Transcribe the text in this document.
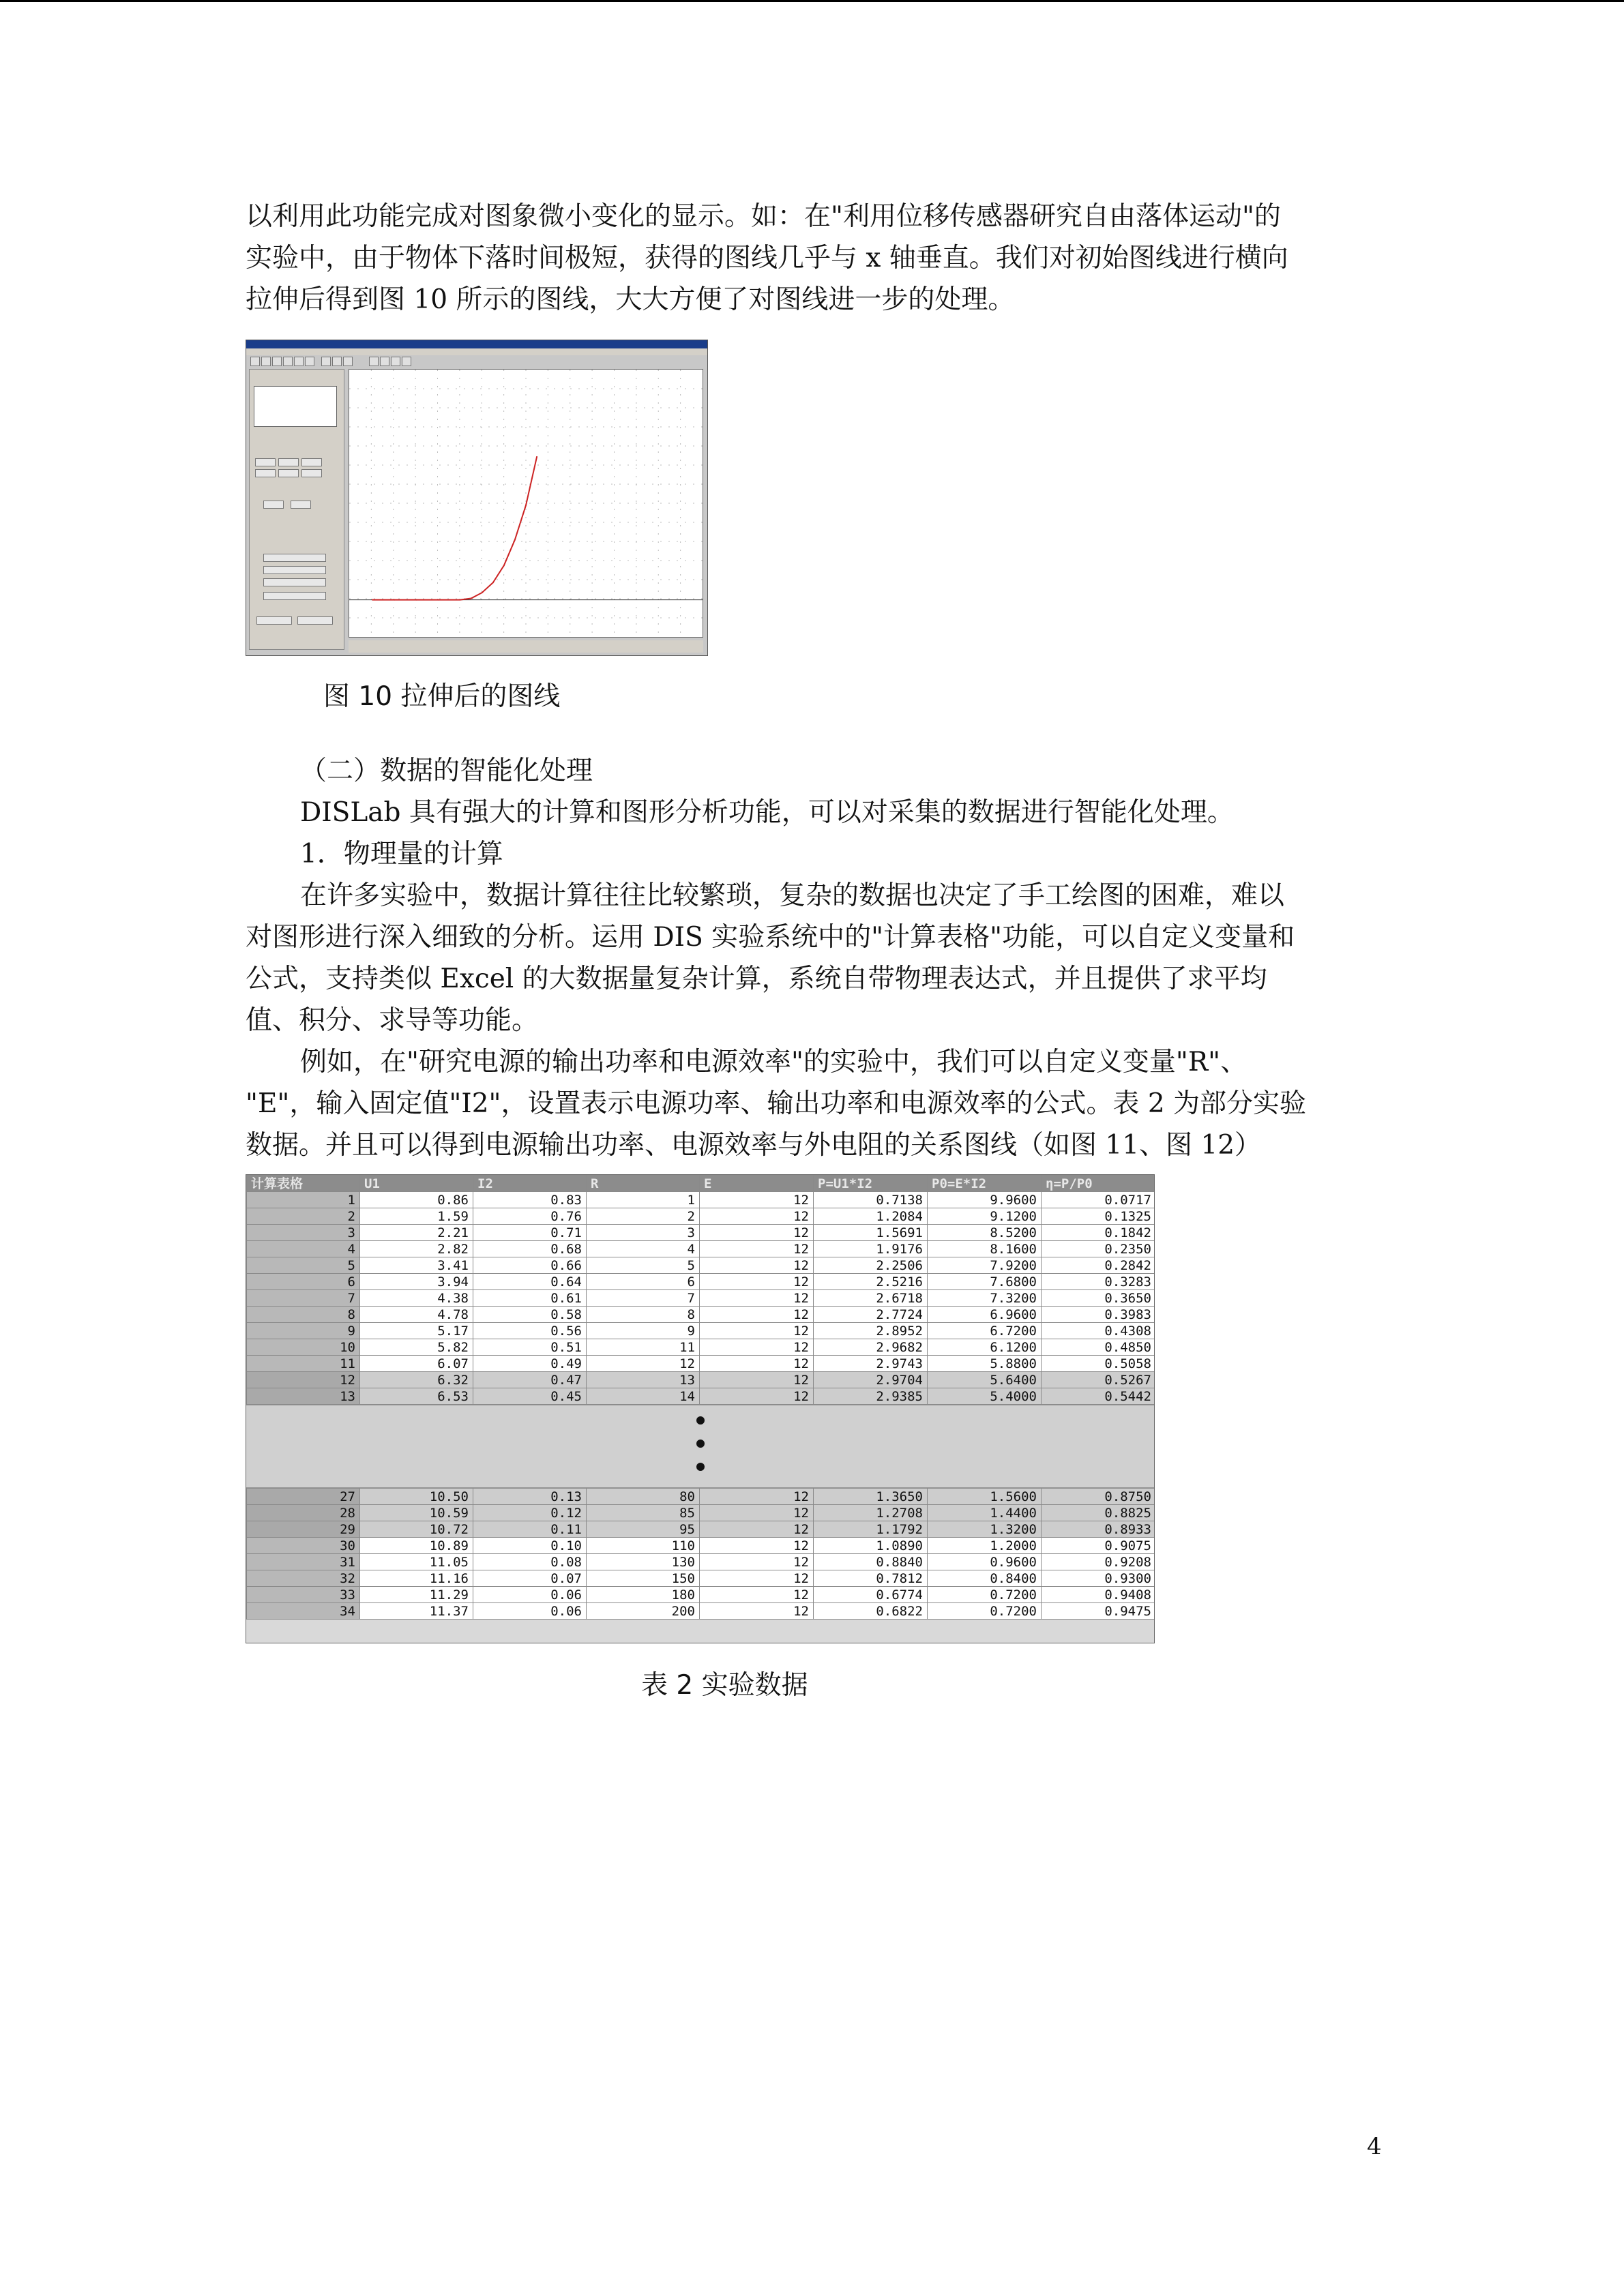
以利用此功能完成对图象微小变化的显示。如：在"利用位移传感器研究自由落体运动"的
实验中，由于物体下落时间极短，获得的图线几乎与 x 轴垂直。我们对初始图线进行横向
拉伸后得到图 10 所示的图线，大大方便了对图线进一步的处理。
图 10 拉伸后的图线
（二）数据的智能化处理
DISLab 具有强大的计算和图形分析功能，可以对采集的数据进行智能化处理。
1．物理量的计算
在许多实验中，数据计算往往比较繁琐，复杂的数据也决定了手工绘图的困难，难以
对图形进行深入细致的分析。运用 DIS 实验系统中的"计算表格"功能，可以自定义变量和
公式，支持类似 Excel 的大数据量复杂计算，系统自带物理表达式，并且提供了求平均
值、积分、求导等功能。
例如，在"研究电源的输出功率和电源效率"的实验中，我们可以自定义变量"R"、
"E"，输入固定值"I2"，设置表示电源功率、输出功率和电源效率的公式。表 2 为部分实验
数据。并且可以得到电源输出功率、电源效率与外电阻的关系图线（如图 11、图 12）
计算表格	U1	I2	R	E	P=U1*I2	P0=E*I2	η=P/P0
1	0.86	0.83	1	12	0.7138	9.9600	0.0717
2	1.59	0.76	2	12	1.2084	9.1200	0.1325
3	2.21	0.71	3	12	1.5691	8.5200	0.1842
4	2.82	0.68	4	12	1.9176	8.1600	0.2350
5	3.41	0.66	5	12	2.2506	7.9200	0.2842
6	3.94	0.64	6	12	2.5216	7.6800	0.3283
7	4.38	0.61	7	12	2.6718	7.3200	0.3650
8	4.78	0.58	8	12	2.7724	6.9600	0.3983
9	5.17	0.56	9	12	2.8952	6.7200	0.4308
10	5.82	0.51	11	12	2.9682	6.1200	0.4850
11	6.07	0.49	12	12	2.9743	5.8800	0.5058
12	6.32	0.47	13	12	2.9704	5.6400	0.5267
13	6.53	0.45	14	12	2.9385	5.4000	0.5442
27	10.50	0.13	80	12	1.3650	1.5600	0.8750
28	10.59	0.12	85	12	1.2708	1.4400	0.8825
29	10.72	0.11	95	12	1.1792	1.3200	0.8933
30	10.89	0.10	110	12	1.0890	1.2000	0.9075
31	11.05	0.08	130	12	0.8840	0.9600	0.9208
32	11.16	0.07	150	12	0.7812	0.8400	0.9300
33	11.29	0.06	180	12	0.6774	0.7200	0.9408
34	11.37	0.06	200	12	0.6822	0.7200	0.9475
表 2 实验数据
4
